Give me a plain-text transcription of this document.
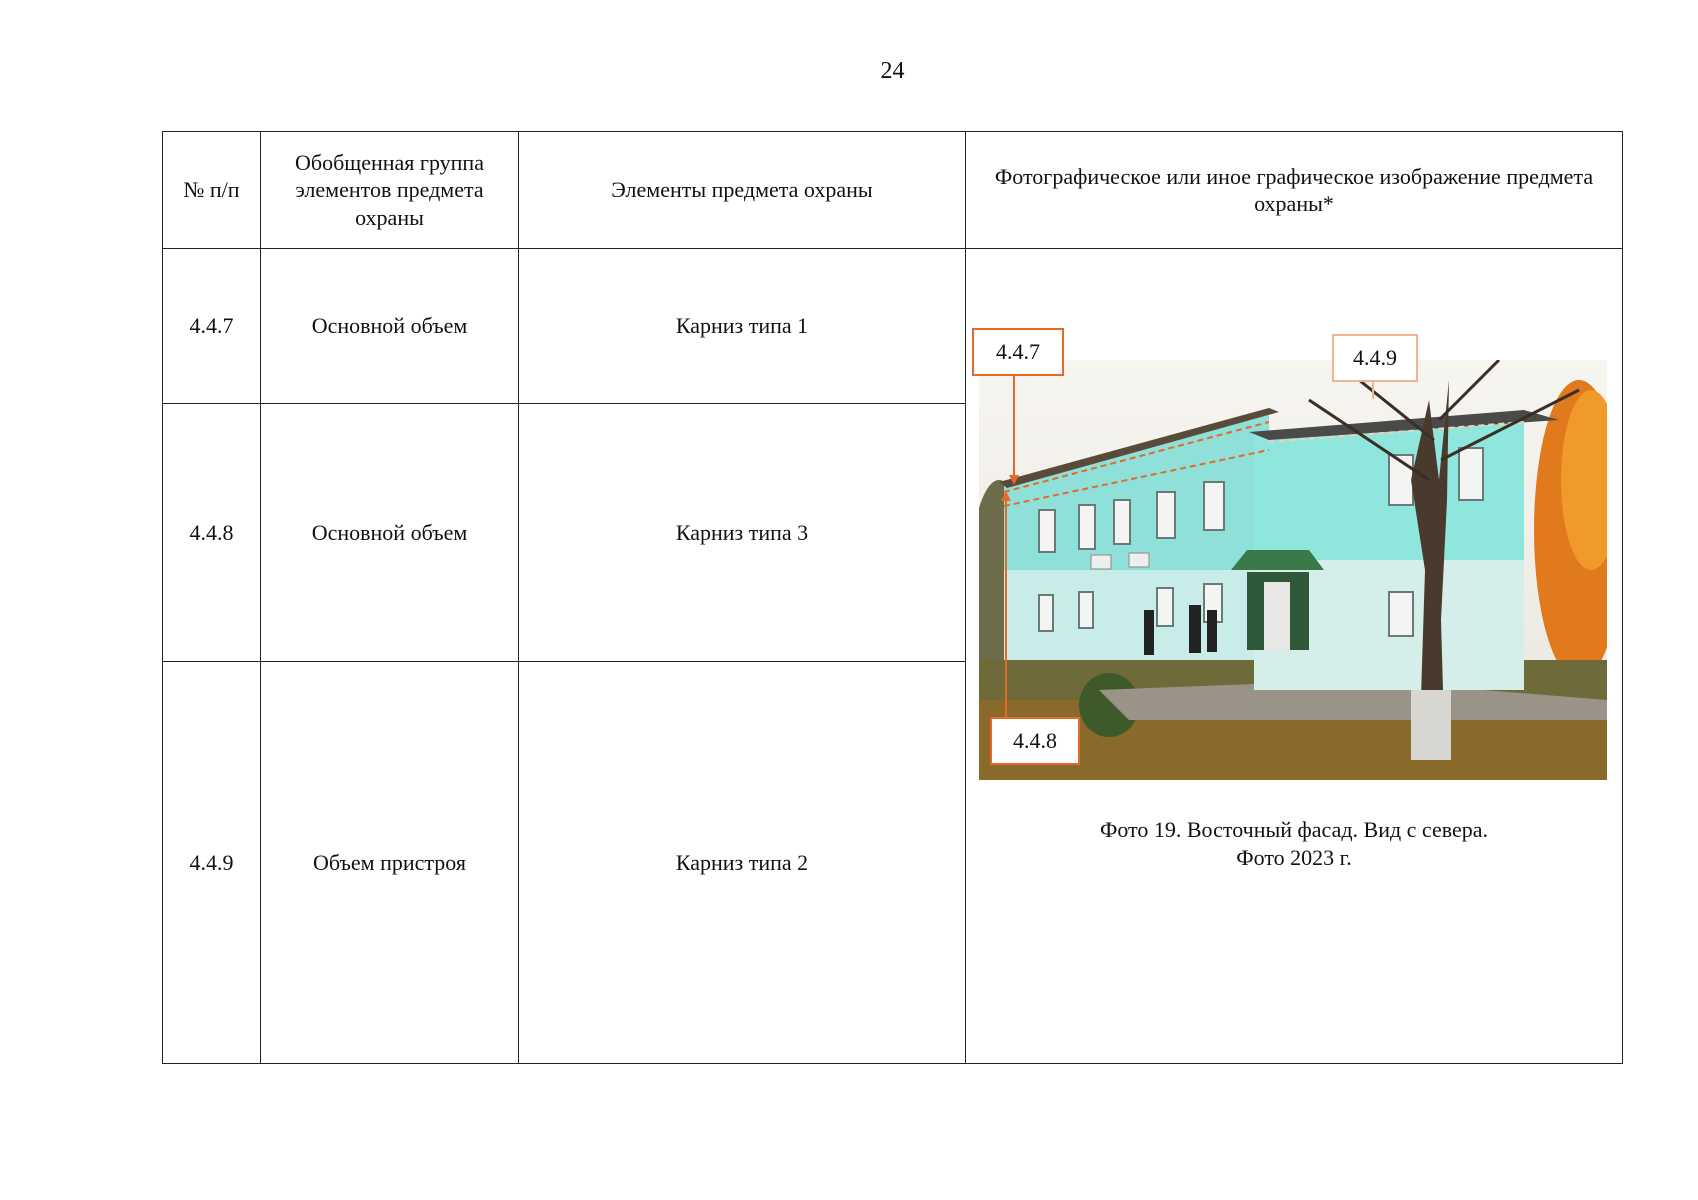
24
№ п/п	Обобщенная группа элементов предмета охраны	Элементы предмета охраны	Фотографическое или иное графическое изображение предмета охраны*
4.4.7	Основной объем	Карниз типа 1	4.4.7 4.4.9
4.4.8
Фото 19. Восточный фасад. Вид с севера.
Фото 2023 г.

4.4.8	Основной объем	Карниз типа 3	
4.4.9	Объем пристроя	Карниз типа 2	
